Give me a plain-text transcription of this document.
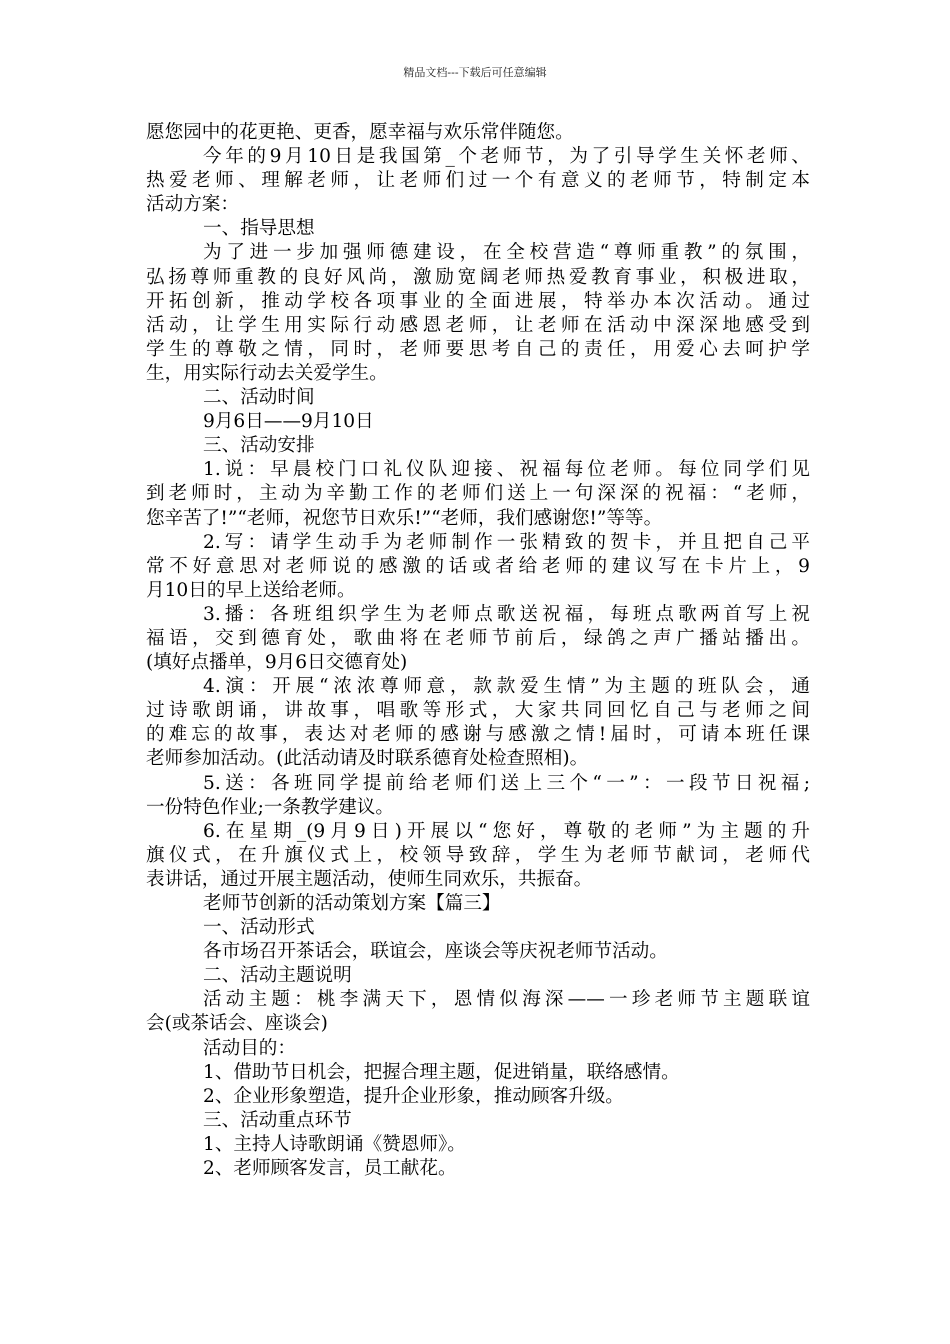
精品文档---下载后可任意编辑
愿您园中的花更艳、更香，愿幸福与欢乐常伴随您。
今年的9月10日是我国第_个老师节，为了引导学生关怀老师、
热爱老师、理解老师，让老师们过一个有意义的老师节，特制定本
活动方案：
一、指导思想
为了进一步加强师德建设，在全校营造“尊师重教”的氛围，
弘扬尊师重教的良好风尚，激励宽阔老师热爱教育事业，积极进取，
开拓创新，推动学校各项事业的全面进展，特举办本次活动。通过
活动，让学生用实际行动感恩老师，让老师在活动中深深地感受到
学生的尊敬之情，同时，老师要思考自己的责任，用爱心去呵护学
生，用实际行动去关爱学生。
二、活动时间
9月6日——9月10日
三、活动安排
1.说：早晨校门口礼仪队迎接、祝福每位老师。每位同学们见
到老师时，主动为辛勤工作的老师们送上一句深深的祝福：“老师，
您辛苦了!”“老师，祝您节日欢乐!”“老师，我们感谢您!”等等。
2.写：请学生动手为老师制作一张精致的贺卡，并且把自己平
常不好意思对老师说的感激的话或者给老师的建议写在卡片上，9
月10日的早上送给老师。
3.播：各班组织学生为老师点歌送祝福，每班点歌两首写上祝
福语，交到德育处，歌曲将在老师节前后，绿鸽之声广播站播出。
(填好点播单，9月6日交德育处)
4.演：开展“浓浓尊师意，款款爱生情”为主题的班队会，通
过诗歌朗诵，讲故事，唱歌等形式，大家共同回忆自己与老师之间
的难忘的故事，表达对老师的感谢与感激之情!届时，可请本班任课
老师参加活动。(此活动请及时联系德育处检查照相)。
5.送：各班同学提前给老师们送上三个“一”：一段节日祝福;
一份特色作业;一条教学建议。
6.在星期_(9月9日)开展以“您好，尊敬的老师”为主题的升
旗仪式，在升旗仪式上，校领导致辞，学生为老师节献词，老师代
表讲话，通过开展主题活动，使师生同欢乐，共振奋。
老师节创新的活动策划方案【篇三】
一、活动形式
各市场召开茶话会，联谊会，座谈会等庆祝老师节活动。
二、活动主题说明
活动主题：桃李满天下，恩情似海深——一珍老师节主题联谊
会(或茶话会、座谈会)
活动目的：
1、借助节日机会，把握合理主题，促进销量，联络感情。
2、企业形象塑造，提升企业形象，推动顾客升级。
三、活动重点环节
1、主持人诗歌朗诵《赞恩师》。
2、老师顾客发言，员工献花。
